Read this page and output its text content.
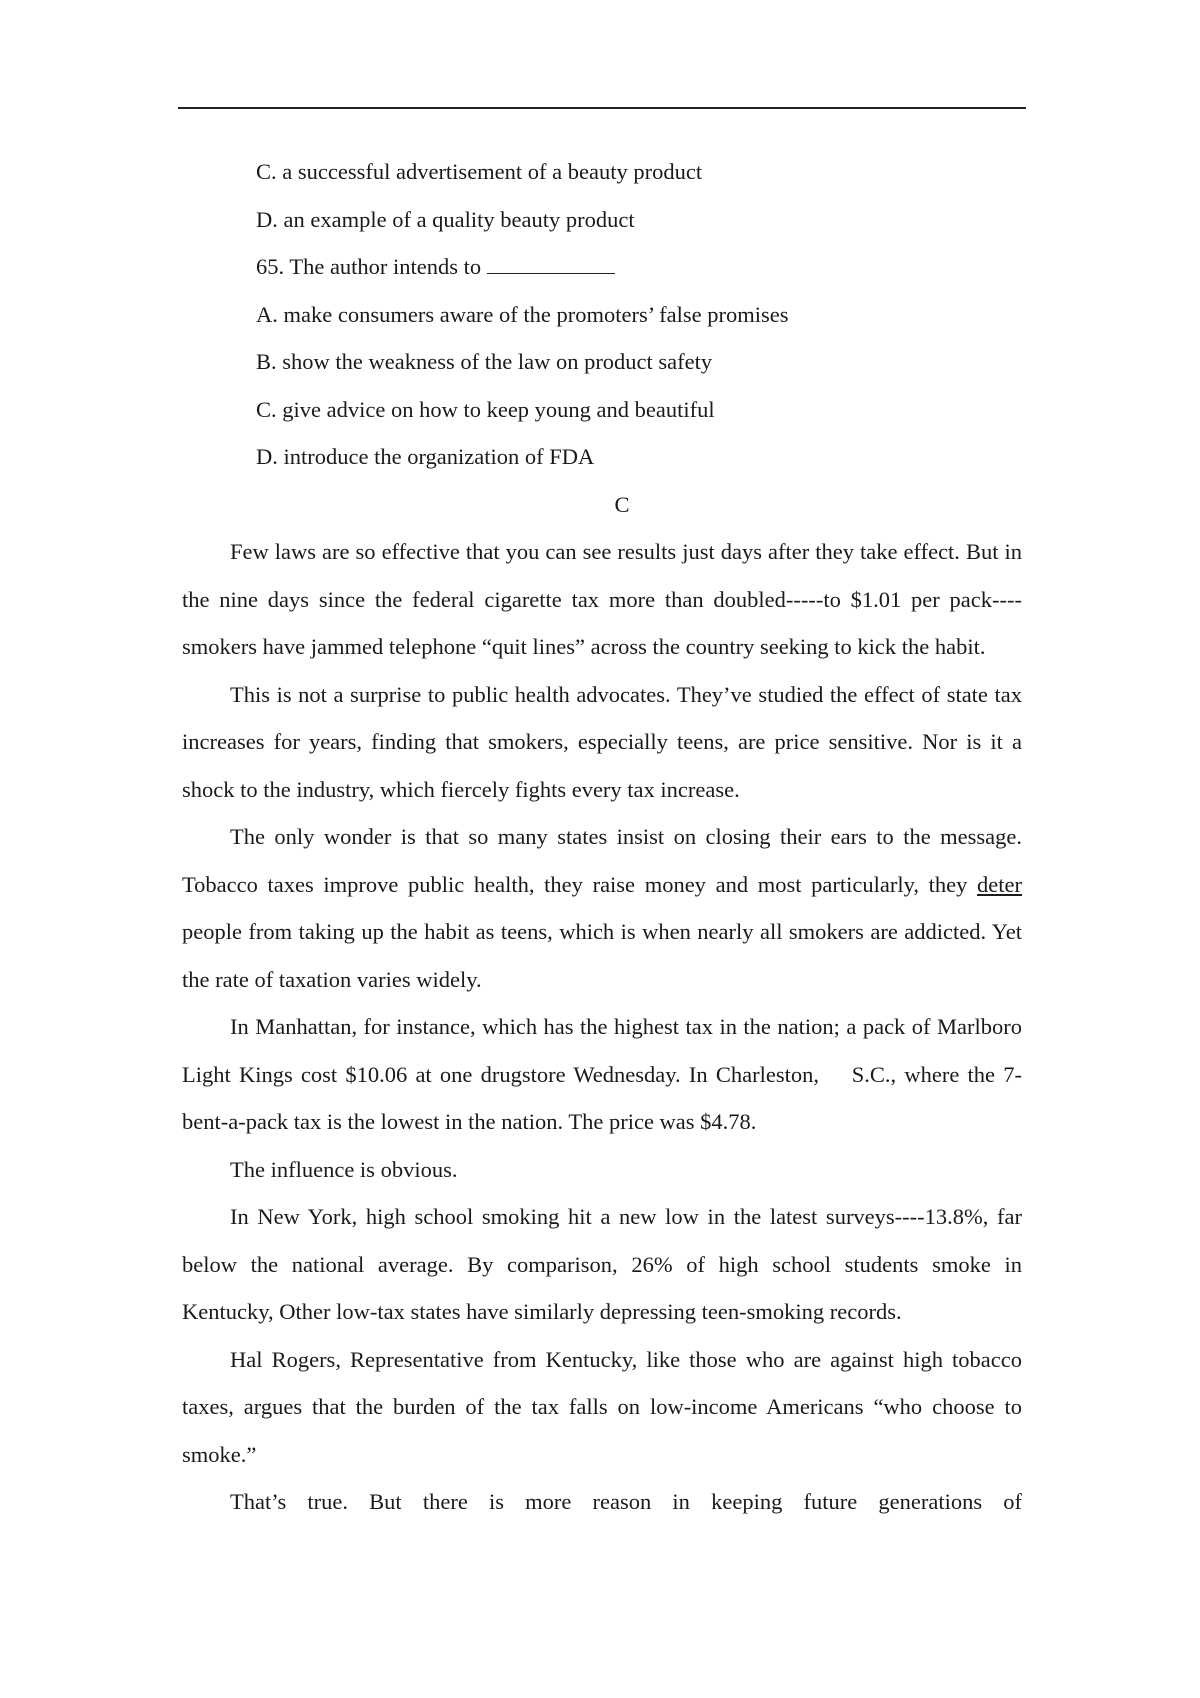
C. a successful advertisement of a beauty product

D. an example of a quality beauty product

65. The author intends to

A. make consumers aware of the promoters’ false promises

B. show the weakness of the law on product safety

C. give advice on how to keep young and beautiful

D. introduce the organization of FDA

C

Few laws are so effective that you can see results just days after they take effect. But in the nine days since the federal cigarette tax more than doubled-----to $1.01 per pack----smokers have jammed telephone “quit lines” across the country seeking to kick the habit.

This is not a surprise to public health advocates. They’ve studied the effect of state tax increases for years, finding that smokers, especially teens, are price sensitive. Nor is it a shock to the industry, which fiercely fights every tax increase.

The only wonder is that so many states insist on closing their ears to the message. Tobacco taxes improve public health, they raise money and most particularly, they deter people from taking up the habit as teens, which is when nearly all smokers are addicted. Yet the rate of taxation varies widely.

In Manhattan, for instance, which has the highest tax in the nation; a pack of Marlboro Light Kings cost $10.06 at one drugstore Wednesday. In Charleston,    S.C., where the 7-bent-a-pack tax is the lowest in the nation. The price was $4.78.

The influence is obvious.

In New York, high school smoking hit a new low in the latest surveys----13.8%, far below the national average. By comparison, 26% of high school students smoke in Kentucky, Other low-tax states have similarly depressing teen-smoking records.

Hal Rogers, Representative from Kentucky, like those who are against high tobacco taxes, argues that the burden of the tax falls on low-income Americans “who choose to smoke.”

That’s true. But there is more reason in keeping future generations of
